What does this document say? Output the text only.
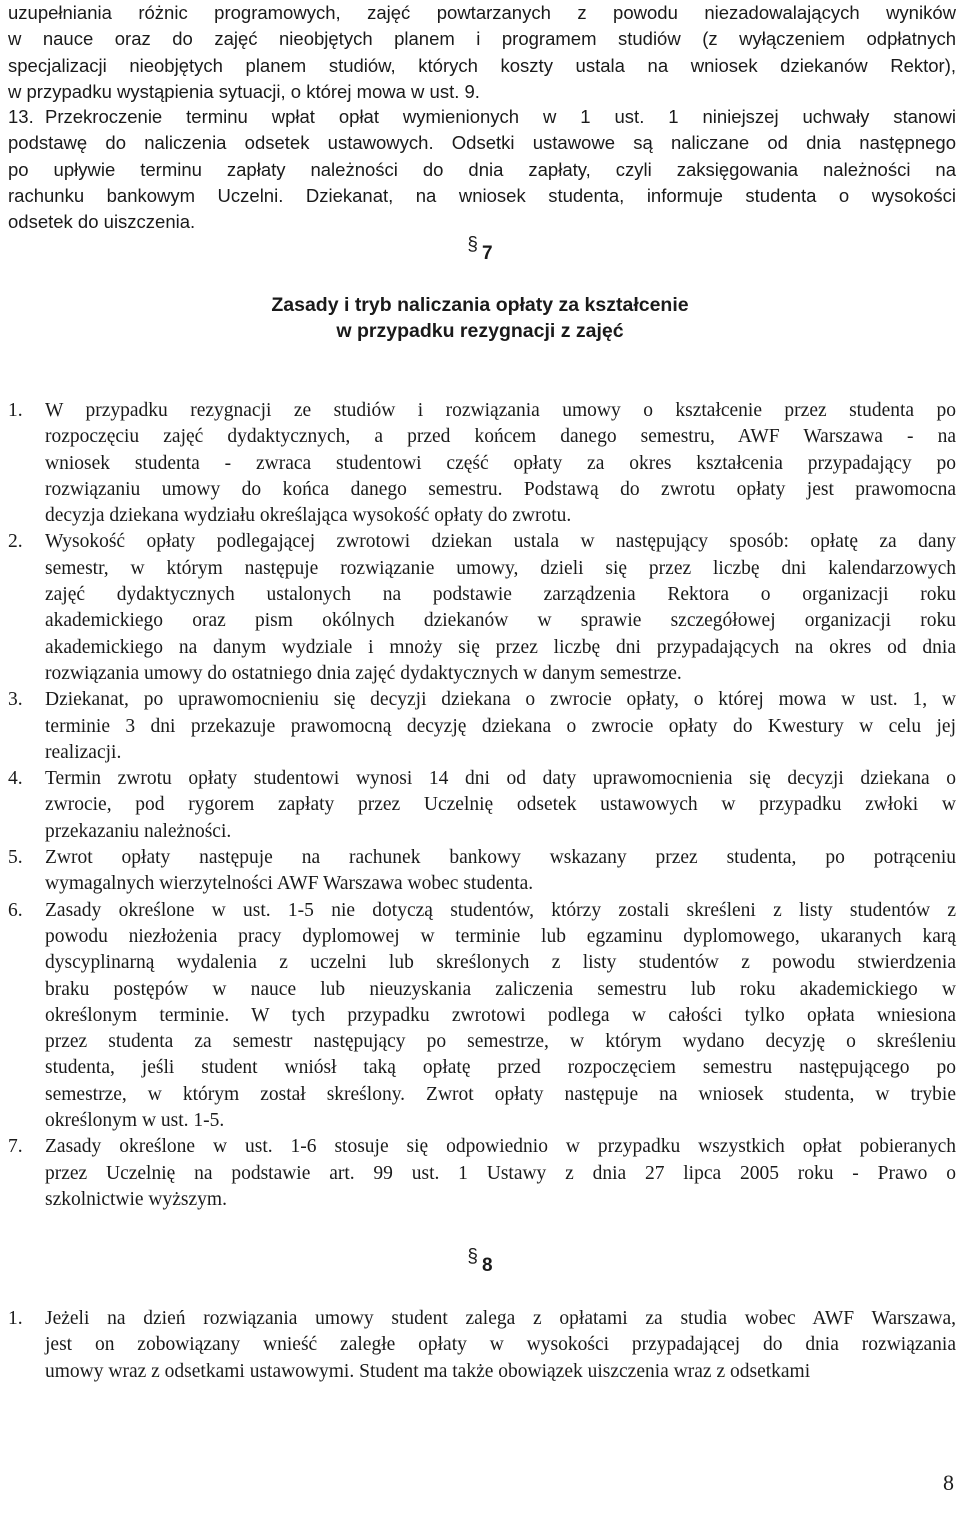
uzupełniania różnic programowych, zajęć powtarzanych z powodu niezadowalających wyników
w nauce oraz do zajęć nieobjętych planem i programem studiów (z wyłączeniem odpłatnych
specjalizacji nieobjętych planem studiów, których koszty ustala na wniosek dziekanów Rektor),
w przypadku wystąpienia sytuacji, o której mowa w ust. 9.
13. Przekroczenie terminu wpłat opłat wymienionych w 1 ust. 1 niniejszej uchwały stanowi
podstawę do naliczenia odsetek ustawowych. Odsetki ustawowe są naliczane od dnia następnego
po upływie terminu zapłaty należności do dnia zapłaty, czyli zaksięgowania należności na
rachunku bankowym Uczelni. Dziekanat, na wniosek studenta, informuje studenta o wysokości
odsetek do uiszczenia.
§ 7
Zasady i tryb naliczania opłaty za kształcenie
w przypadku rezygnacji z zajęć
1. W przypadku rezygnacji ze studiów i rozwiązania umowy o kształcenie przez studenta po
rozpoczęciu zajęć dydaktycznych, a przed końcem danego semestru, AWF Warszawa - na
wniosek studenta - zwraca studentowi część opłaty za okres kształcenia przypadający po
rozwiązaniu umowy do końca danego semestru. Podstawą do zwrotu opłaty jest prawomocna
decyzja dziekana wydziału określająca wysokość opłaty do zwrotu.
2. Wysokość opłaty podlegającej zwrotowi dziekan ustala w następujący sposób: opłatę za dany
semestr, w którym następuje rozwiązanie umowy, dzieli się przez liczbę dni kalendarzowych
zajęć dydaktycznych ustalonych na podstawie zarządzenia Rektora o organizacji roku
akademickiego oraz pism okólnych dziekanów w sprawie szczegółowej organizacji roku
akademickiego na danym wydziale i mnoży się przez liczbę dni przypadających na okres od dnia
rozwiązania umowy do ostatniego dnia zajęć dydaktycznych w danym semestrze.
3. Dziekanat, po uprawomocnieniu się decyzji dziekana o zwrocie opłaty, o której mowa w ust. 1, w
terminie 3 dni przekazuje prawomocną decyzję dziekana o zwrocie opłaty do Kwestury w celu jej
realizacji.
4. Termin zwrotu opłaty studentowi wynosi 14 dni od daty uprawomocnienia się decyzji dziekana o
zwrocie, pod rygorem zapłaty przez Uczelnię odsetek ustawowych w przypadku zwłoki w
przekazaniu należności.
5. Zwrot opłaty następuje na rachunek bankowy wskazany przez studenta, po potrąceniu
wymagalnych wierzytelności AWF Warszawa wobec studenta.
6. Zasady określone w ust. 1-5 nie dotyczą studentów, którzy zostali skreśleni z listy studentów z
powodu niezłożenia pracy dyplomowej w terminie lub egzaminu dyplomowego, ukaranych karą
dyscyplinarną wydalenia z uczelni lub skreślonych z listy studentów z powodu stwierdzenia
braku postępów w nauce lub nieuzyskania zaliczenia semestru lub roku akademickiego w
określonym terminie. W tych przypadku zwrotowi podlega w całości tylko opłata wniesiona
przez studenta za semestr następujący po semestrze, w którym wydano decyzję o skreśleniu
studenta, jeśli student wniósł taką opłatę przed rozpoczęciem semestru następującego po
semestrze, w którym został skreślony. Zwrot opłaty następuje na wniosek studenta, w trybie
określonym w ust. 1-5.
7. Zasady określone w ust. 1-6 stosuje się odpowiednio w przypadku wszystkich opłat pobieranych
przez Uczelnię na podstawie art. 99 ust. 1 Ustawy z dnia 27 lipca 2005 roku - Prawo o
szkolnictwie wyższym.
§ 8
1. Jeżeli na dzień rozwiązania umowy student zalega z opłatami za studia wobec AWF Warszawa,
jest on zobowiązany wnieść zaległe opłaty w wysokości przypadającej do dnia rozwiązania
umowy wraz z odsetkami ustawowymi. Student ma także obowiązek uiszczenia wraz z odsetkami
8
